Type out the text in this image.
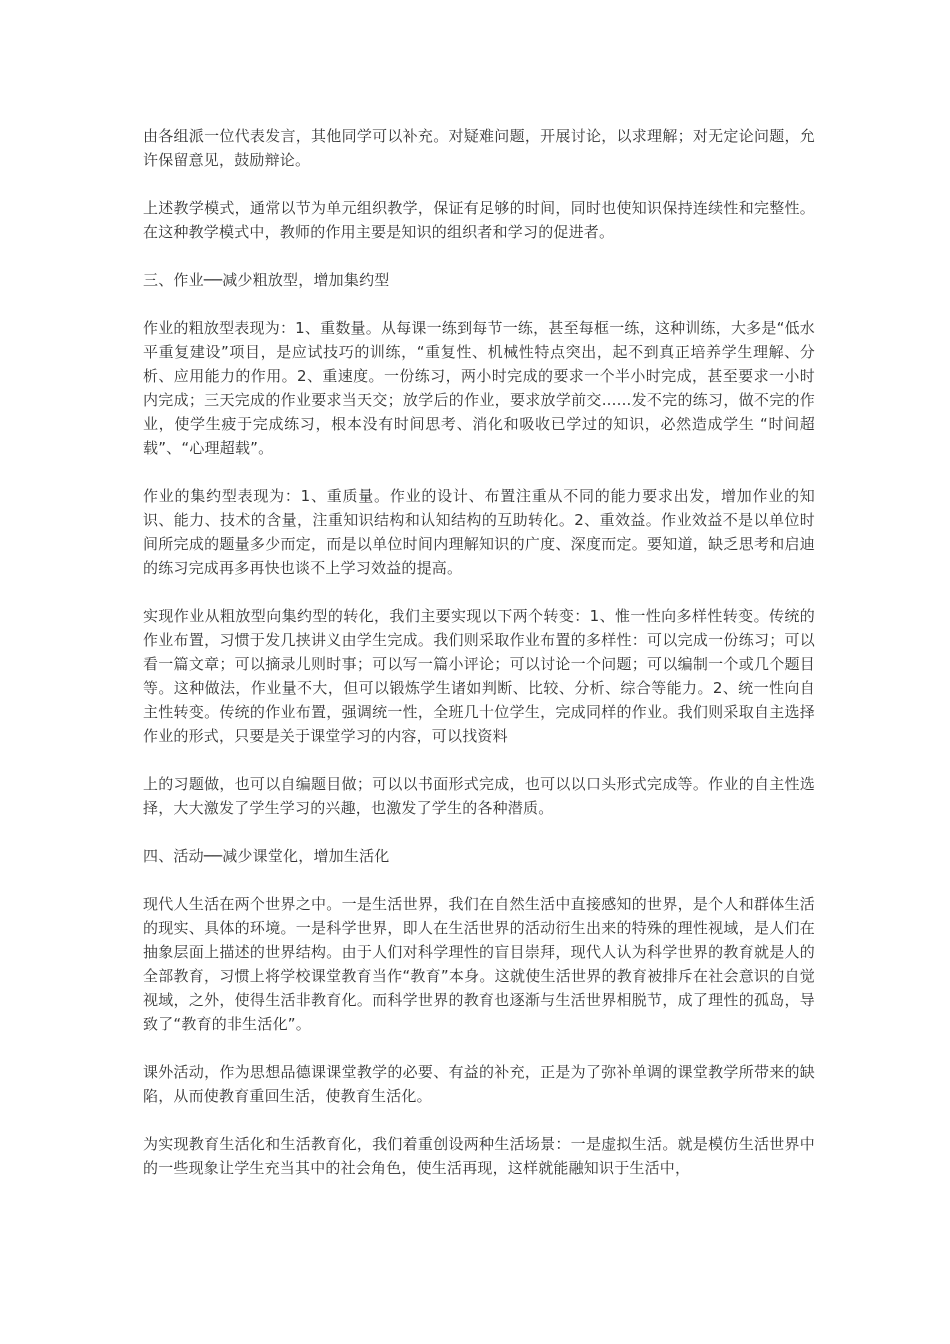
由各组派一位代表发言，其他同学可以补充。对疑难问题，开展讨论，以求理解；对无定论问题，允许保留意见，鼓励辩论。

上述教学模式，通常以节为单元组织教学，保证有足够的时间，同时也使知识保持连续性和完整性。在这种教学模式中，教师的作用主要是知识的组织者和学习的促进者。

三、作业──减少粗放型，增加集约型

作业的粗放型表现为：1、重数量。从每课一练到每节一练，甚至每框一练，这种训练，大多是“低水平重复建设”项目，是应试技巧的训练，“重复性、机械性特点突出，起不到真正培养学生理解、分析、应用能力的作用。2、重速度。一份练习，两小时完成的要求一个半小时完成，甚至要求一小时内完成；三天完成的作业要求当天交；放学后的作业，要求放学前交......发不完的练习，做不完的作业，使学生疲于完成练习，根本没有时间思考、消化和吸收已学过的知识，必然造成学生 “时间超载”、“心理超载”。

作业的集约型表现为：1、重质量。作业的设计、布置注重从不同的能力要求出发，增加作业的知识、能力、技术的含量，注重知识结构和认知结构的互助转化。2、重效益。作业效益不是以单位时间所完成的题量多少而定，而是以单位时间内理解知识的广度、深度而定。要知道，缺乏思考和启迪的练习完成再多再快也谈不上学习效益的提高。

实现作业从粗放型向集约型的转化，我们主要实现以下两个转变：1、惟一性向多样性转变。传统的作业布置，习惯于发几挟讲义由学生完成。我们则采取作业布置的多样性：可以完成一份练习；可以看一篇文章；可以摘录儿则时事；可以写一篇小评论；可以讨论一个问题；可以编制一个或几个题目等。这种做法，作业量不大，但可以锻炼学生诸如判断、比较、分析、综合等能力。2、统一性向自主性转变。传统的作业布置，强调统一性，全班几十位学生，完成同样的作业。我们则采取自主选择作业的形式，只要是关于课堂学习的内容，可以找资料

上的习题做，也可以自编题目做；可以以书面形式完成，也可以以口头形式完成等。作业的自主性选择，大大激发了学生学习的兴趣，也激发了学生的各种潜质。

四、活动──减少课堂化，增加生活化

现代人生活在两个世界之中。一是生活世界，我们在自然生活中直接感知的世界，是个人和群体生活的现实、具体的环境。一是科学世界，即人在生活世界的活动衍生出来的特殊的理性视域，是人们在抽象层面上描述的世界结构。由于人们对科学理性的盲目崇拜，现代人认为科学世界的教育就是人的全部教育，习惯上将学校课堂教育当作“教育”本身。这就使生活世界的教育被排斥在社会意识的自觉视域，之外，使得生活非教育化。而科学世界的教育也逐渐与生活世界相脱节，成了理性的孤岛，导致了“教育的非生活化”。

课外活动，作为思想品德课课堂教学的必要、有益的补充，正是为了弥补单调的课堂教学所带来的缺陷，从而使教育重回生活，使教育生活化。

为实现教育生活化和生活教育化，我们着重创设两种生活场景：一是虚拟生活。就是模仿生活世界中的一些现象让学生充当其中的社会角色，使生活再现，这样就能融知识于生活中，
